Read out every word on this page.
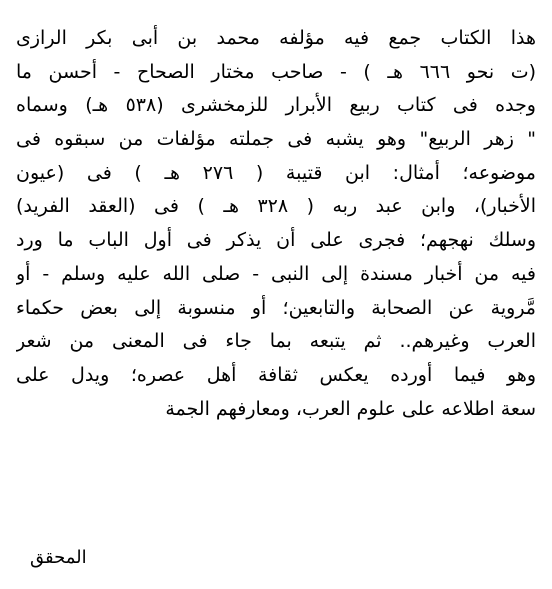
هذا الكتاب جمع فيه مؤلفه محمد بن أبى بكر الرازى
(ت نحو ٦٦٦ هـ ) - صاحب مختار الصحاح - أحسن ما
وجده فى كتاب ربيع الأبرار للزمخشرى (٥٣٨ هـ) وسماه
" زهر الربيع" وهو يشبه فى جملته مؤلفات من سبقوه فى
موضوعه؛ أمثال: ابن قتيبة ( ٢٧٦ هـ ) فى (عيون
الأخبار)، وابن عبد ربه ( ٣٢٨ هـ ) فى (العقد الفريد)
وسلك نهجهم؛ فجرى على أن يذكر فى أول الباب ما ورد
فيه من أخبار مسندة إلى النبى - صلى الله عليه وسلم - أو
مَّروية عن الصحابة والتابعين؛ أو منسوبة إلى بعض حكماء
العرب وغيرهم.. ثم يتبعه بما جاء فى المعنى من شعر
وهو فيما أورده يعكس ثقافة أهل عصره؛ ويدل على
سعة اطلاعه على علوم العرب، ومعارفهم الجمة
المحقق
